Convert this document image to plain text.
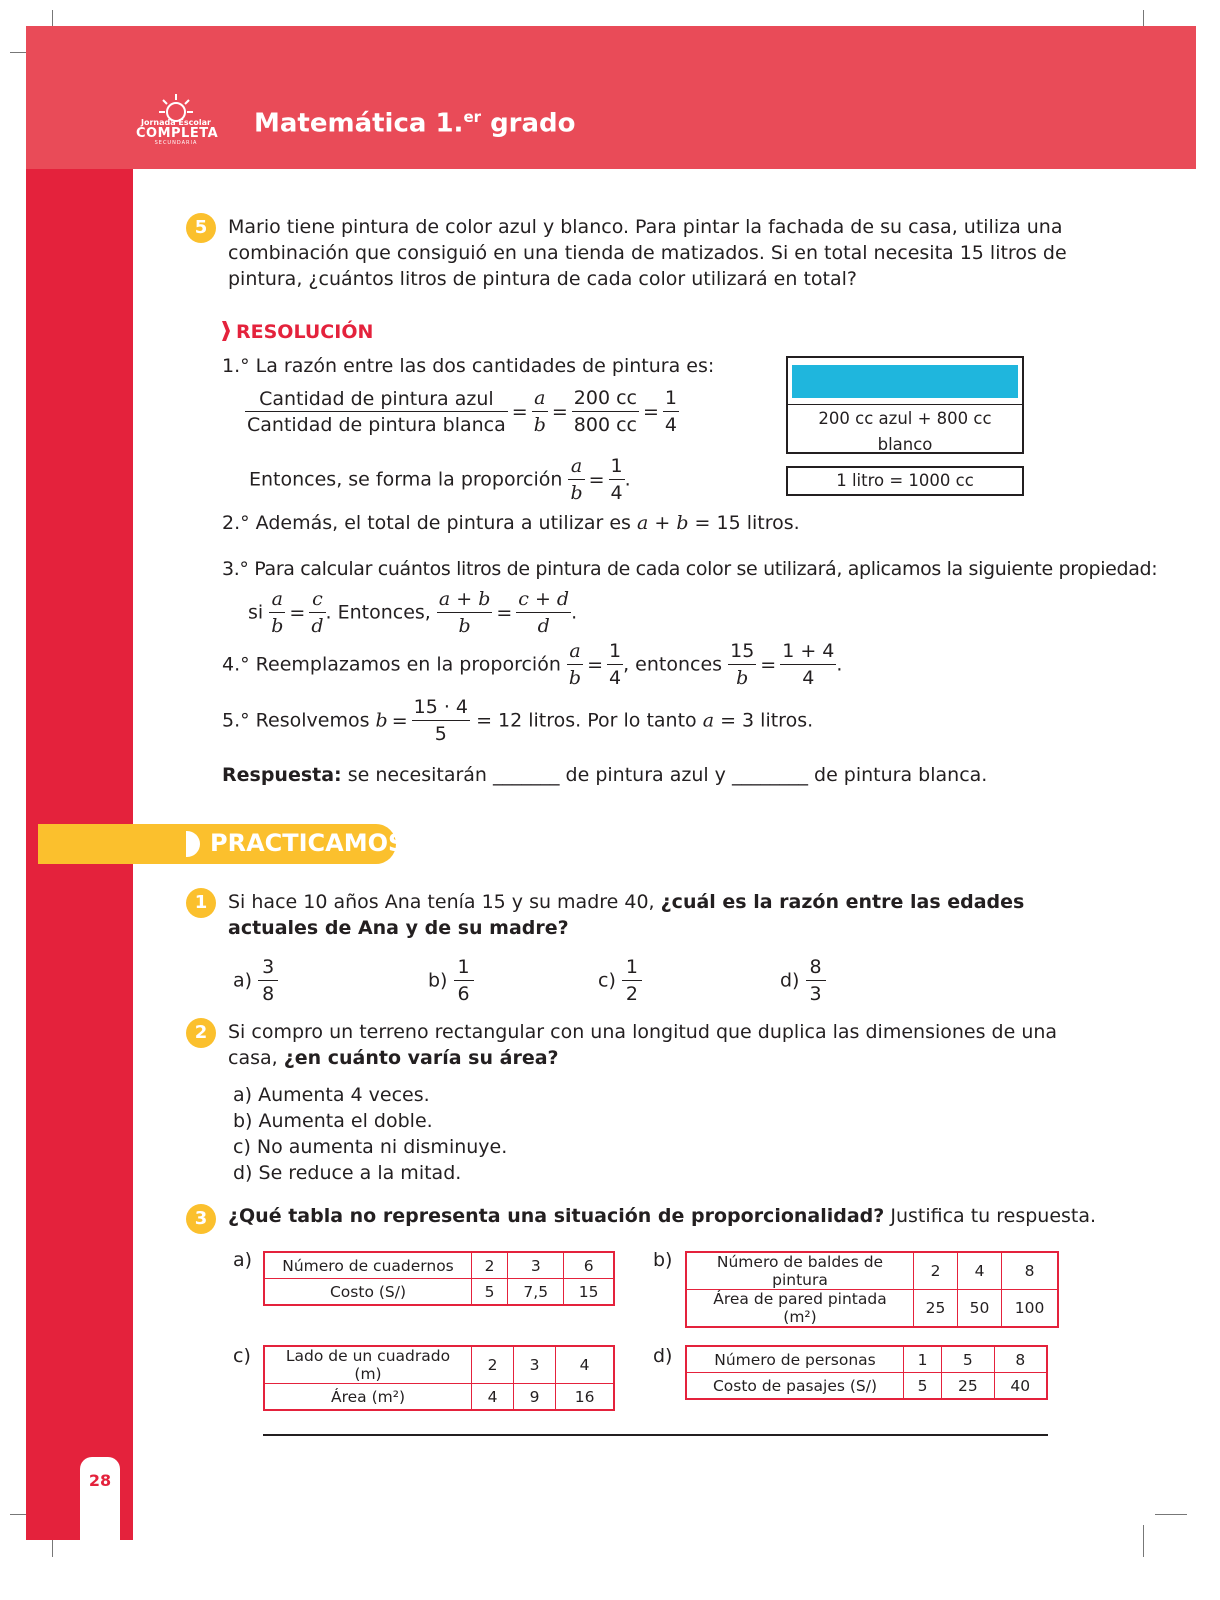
Jornada Escolar
COMPLETA
SECUNDARIA
Matemática 1.$^{er}$ grado
5	Mario tiene pintura de color azul y blanco. Para pintar la fachada de su casa, utiliza una combinación que consiguió en una tienda de matizados. Si en total necesita 15 litros de pintura, ¿cuántos litros de pintura de cada color utilizará en total?
RESOLUCIÓN
1.° La razón entre las dos cantidades de pintura es:
$\frac{\text{Cantidad de pintura azul}}{\text{Cantidad de pintura blanca}} = \frac{a}{b} = \frac{200 cc}{800 cc} = \frac{1}{4}$
Entonces, se forma la proporción $\frac{a}{b} = \frac{1}{4}$ .
200 cc azul + 800 cc
blanco
1 litro = 1000 cc
2.° Además, el total de pintura a utilizar es a + b = 15 litros.
3.° Para calcular cuántos litros de pintura de cada color se utilizará, aplicamos la siguiente propiedad:
si $\frac{a}{b} = \frac{c}{d}$ . Entonces, $\frac{a + b}{b} = \frac{c + d}{d}$ .
4.° Reemplazamos en la proporción $\frac{a}{b} = \frac{1}{4}$ , entonces $\frac{15}{b} = \frac{1 + 4}{4}$ .
5.° Resolvemos $b = \frac{15 \cdot 4}{5} = 12$ litros. Por lo tanto a = 3 litros.
Respuesta: se necesitarán _______ de pintura azul y ________ de pintura blanca.
PRACTICAMOS
1	Si hace 10 años Ana tenía 15 y su madre 40, ¿cuál es la razón entre las edades actuales de Ana y de su madre?
$a) \frac{3}{8}$	$b) \frac{1}{6}$	$c) \frac{1}{2}$	$d) \frac{8}{3}$
2	Si compro un terreno rectangular con una longitud que duplica las dimensiones de una casa, ¿en cuánto varía su área?
a) Aumenta 4 veces.
b) Aumenta el doble.
c) No aumenta ni disminuye.
d) Se reduce a la mitad.
3	¿Qué tabla no representa una situación de proporcionalidad? Justifica tu respuesta.
a) Número de cuadernos	2	3	6
Costo (S/)	5	7,5	15
b)	Número de baldes de pintura	2	4	8
Área de pared pintada (m²)	25	50	100
c) Lado de un cuadrado (m)	2	3	4
Área (m²)	4	9	16
d)	Número de personas	1	5	8
Costo de pasajes (S/)	5	25	40
28
